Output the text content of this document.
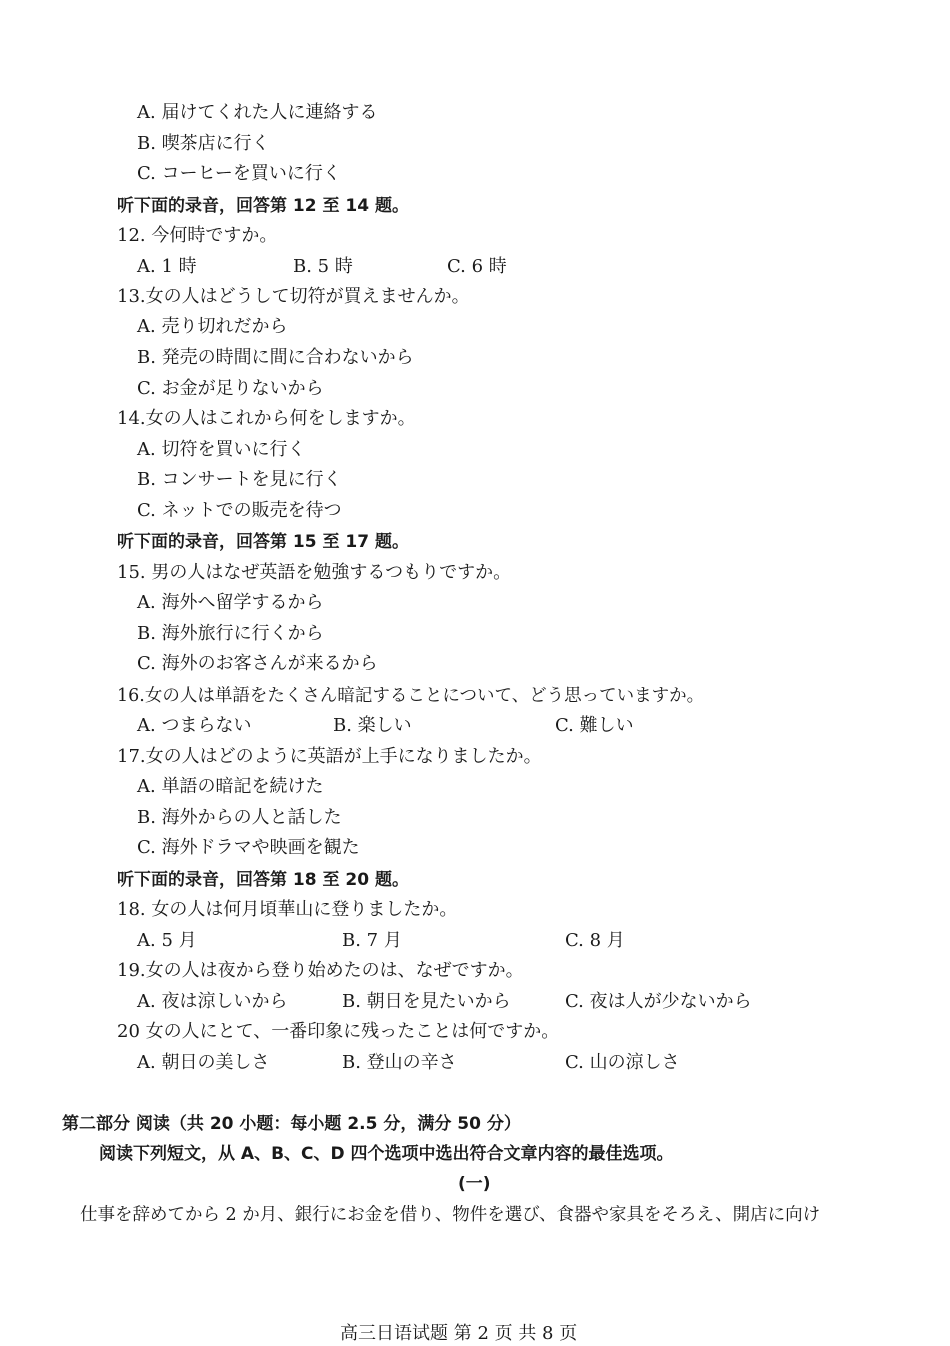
A. 届けてくれた人に連絡する
B. 喫茶店に行く
C. コーヒーを買いに行く
听下面的录音，回答第 12 至 14 题。
12. 今何時ですか。
A. 1 時	B. 5 時	C. 6 時
13.女の人はどうして切符が買えませんか。
A. 売り切れだから
B. 発売の時間に間に合わないから
C. お金が足りないから
14.女の人はこれから何をしますか。
A. 切符を買いに行く
B. コンサートを見に行く
C. ネットでの販売を待つ
听下面的录音，回答第 15 至 17 题。
15. 男の人はなぜ英語を勉強するつもりですか。
A. 海外へ留学するから
B. 海外旅行に行くから
C. 海外のお客さんが来るから
16.女の人は単語をたくさん暗記することについて、どう思っていますか。
A. つまらない	B. 楽しい	C. 難しい
17.女の人はどのように英語が上手になりましたか。
A. 単語の暗記を続けた
B. 海外からの人と話した
C. 海外ドラマや映画を観た
听下面的录音，回答第 18 至 20 题。
18. 女の人は何月頃華山に登りましたか。
A. 5 月	B. 7 月	C. 8 月
19.女の人は夜から登り始めたのは、なぜですか。
A. 夜は涼しいから	B. 朝日を見たいから	C. 夜は人が少ないから
20 女の人にとて、一番印象に残ったことは何ですか。
A. 朝日の美しさ	B. 登山の辛さ	C. 山の涼しさ
第二部分 阅读（共 20 小题：每小题 2.5 分，满分 50 分）
阅读下列短文，从 A、B、C、D 四个选项中选出符合文章内容的最佳选项。
(一)
仕事を辞めてから 2 か月、銀行にお金を借り、物件を選び、食器や家具をそろえ、開店に向け
高三日语试题 第 2 页 共 8 页
